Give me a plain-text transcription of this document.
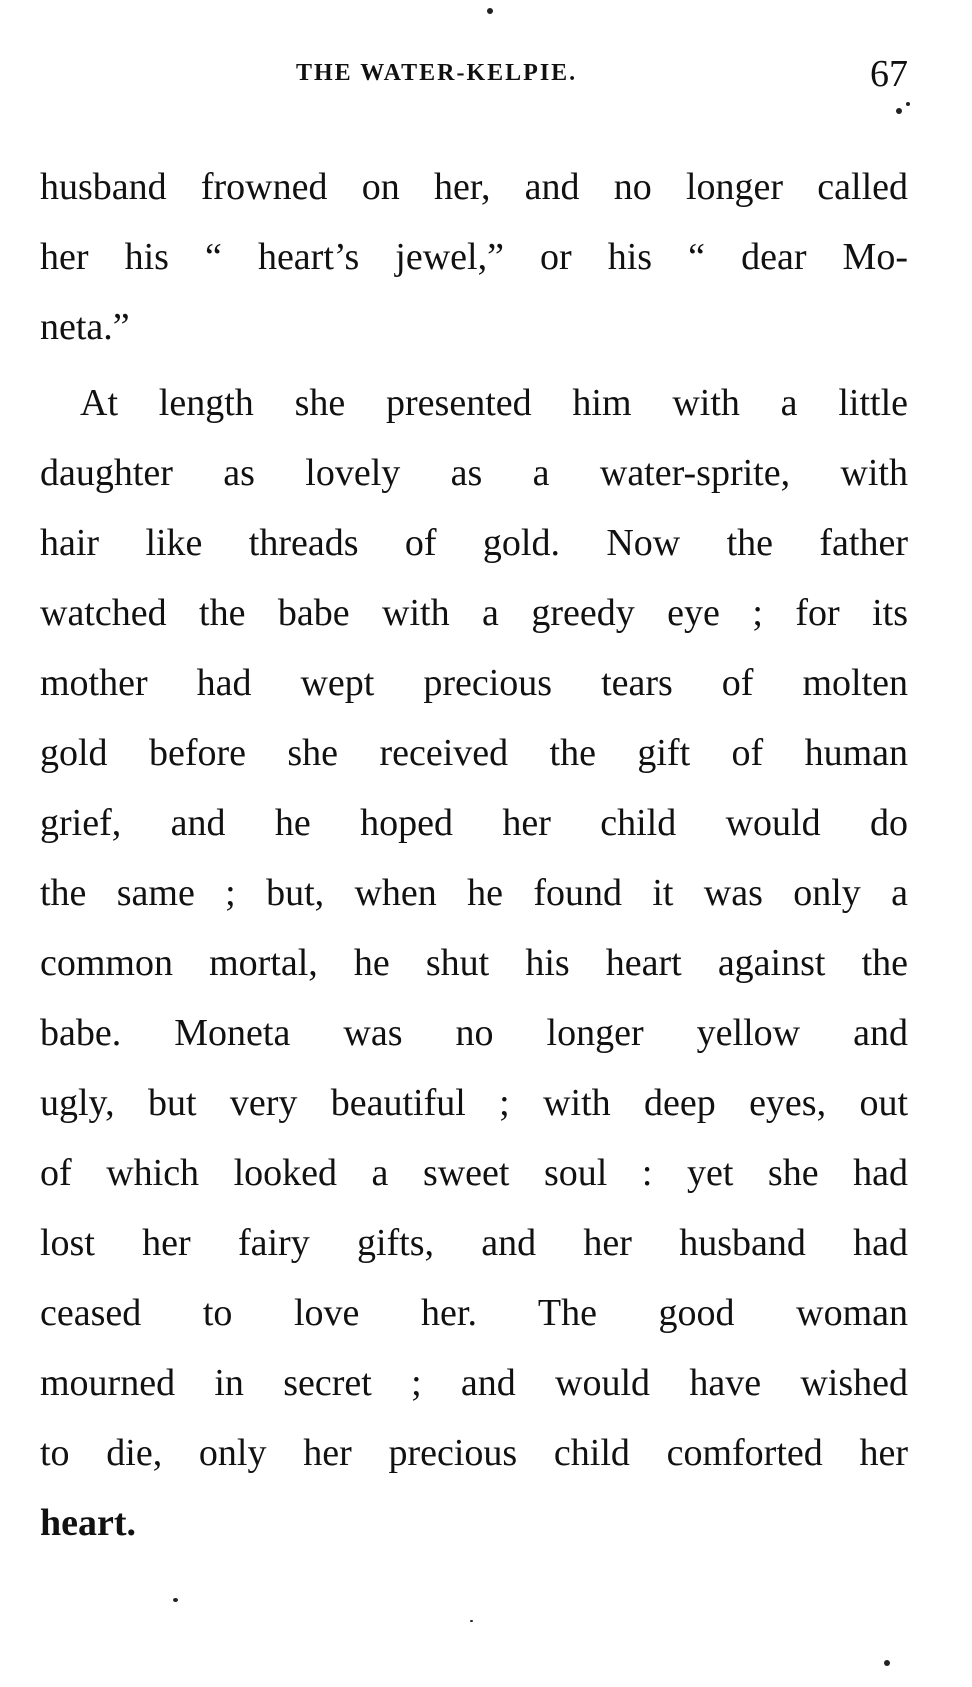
THE WATER-KELPIE.	67
husband frowned on her, and no longer called
her his “ heart’s jewel,” or his “ dear Mo-
neta.”
At length she presented him with a little
daughter as lovely as a water-sprite, with
hair like threads of gold. Now the father
watched the babe with a greedy eye ; for its
mother had wept precious tears of molten
gold before she received the gift of human
grief, and he hoped her child would do
the same ; but, when he found it was only a
common mortal, he shut his heart against the
babe. Moneta was no longer yellow and
ugly, but very beautiful ; with deep eyes, out
of which looked a sweet soul : yet she had
lost her fairy gifts, and her husband had
ceased to love her. The good woman
mourned in secret ; and would have wished
to die, only her precious child comforted her
heart.
